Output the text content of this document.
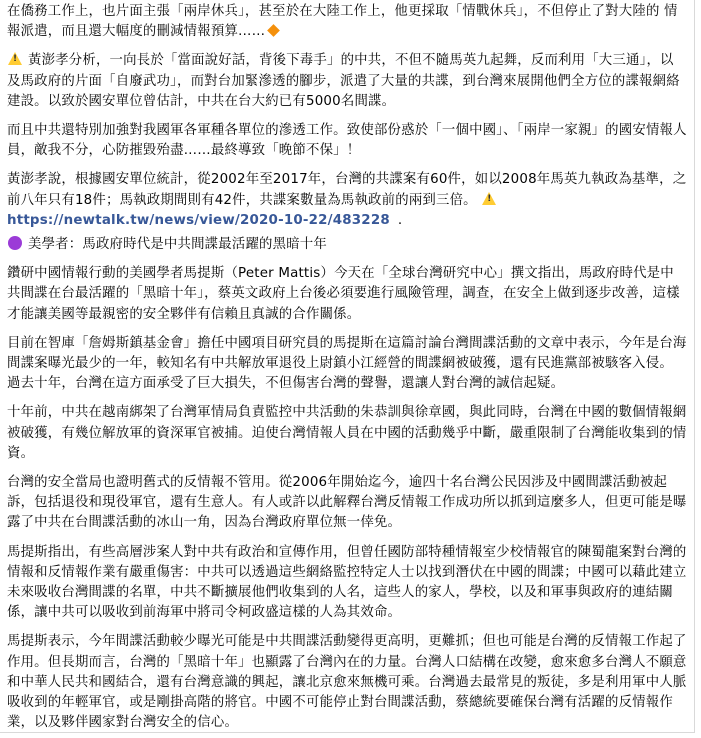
在僑務工作上，也片面主張「兩岸休兵」，甚至於在大陸工作上，他更採取「情戰休兵」，不但停止了對大陸的 情報派遣，而且還大幅度的刪減情報預算……

!黃澎孝分析，一向長於「當面說好話，背後下毒手」的中共，不但不隨馬英九起舞，反而利用「大三通」，以及馬政府的片面「自廢武功」，而對台加緊滲透的腳步，派遣了大量的共諜，到台灣來展開他們全方位的諜報網絡建設。以致於國安單位曾估計，中共在台大約已有5000名間諜。

而且中共還特別加強對我國軍各軍種各單位的滲透工作。致使部份惑於「一個中國」、「兩岸一家親」的國安情報人員，敵我不分，心防摧毀殆盡……最終導致「晚節不保」！

黃澎孝說，根據國安單位統計，從2002年至2017年，台灣的共諜案有60件，如以2008年馬英九執政為基準，之前八年只有18件；馬執政期間則有42件，共諜案數量為馬執政前的兩到三倍。 !
https://newtalk.tw/news/view/2020-10-22/483228 .

美學者：馬政府時代是中共間諜最活躍的黑暗十年

鑽研中國情報行動的美國學者馬提斯（Peter Mattis）今天在「全球台灣研究中心」撰文指出，馬政府時代是中共間諜在台最活躍的「黑暗十年」，蔡英文政府上台後必須要進行風險管理，調查，在安全上做到逐步改善，這樣才能讓美國等最親密的安全夥伴有信賴且真誠的合作關係。

目前在智庫「詹姆斯鎮基金會」擔任中國項目研究員的馬提斯在這篇討論台灣間諜活動的文章中表示，今年是台海間諜案曝光最少的一年，較知名有中共解放軍退役上尉鎮小江經營的間諜網被破獲，還有民進黨部被駭客入侵。
過去十年，台灣在這方面承受了巨大損失，不但傷害台灣的聲譽，還讓人對台灣的誠信起疑。

十年前，中共在越南綁架了台灣軍情局負責監控中共活動的朱恭訓與徐章國，與此同時，台灣在中國的數個情報網被破獲，有幾位解放軍的資深軍官被捕。迫使台灣情報人員在中國的活動幾乎中斷，嚴重限制了台灣能收集到的情資。

台灣的安全當局也證明舊式的反情報不管用。從2006年開始迄今，逾四十名台灣公民因涉及中國間諜活動被起訴，包括退役和現役軍官，還有生意人。有人或許以此解釋台灣反情報工作成功所以抓到這麼多人，但更可能是曝露了中共在台間諜活動的冰山一角，因為台灣政府單位無一倖免。

馬提斯指出，有些高層涉案人對中共有政治和宣傳作用，但曾任國防部特種情報室少校情報官的陳蜀龍案對台灣的情報和反情報作業有嚴重傷害：中共可以透過這些網絡監控特定人士以找到潛伏在中國的間諜；中國可以藉此建立未來吸收台灣間諜的名單，中共不斷擴展他們收集到的人名，這些人的家人，學校，以及和軍事與政府的連結關係，讓中共可以吸收到前海軍中將司令柯政盛這樣的人為其效命。

馬提斯表示，今年間諜活動較少曝光可能是中共間諜活動變得更高明，更難抓；但也可能是台灣的反情報工作起了作用。但長期而言，台灣的「黑暗十年」也顯露了台灣內在的力量。台灣人口結構在改變，愈來愈多台灣人不願意和中華人民共和國結合，還有台灣意識的興起，讓北京愈來無機可乘。台灣過去最常見的叛徒，多是利用軍中人脈吸收到的年輕軍官，或是剛掛高階的將官。中國不可能停止對台間諜活動，蔡總統要確保台灣有活躍的反情報作業，以及夥伴國家對台灣安全的信心。
